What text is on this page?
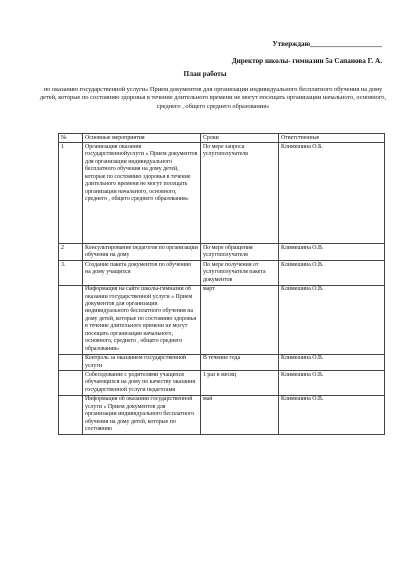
Утверждаю____________________
Директор школы- гимназии 5а Сапанова Г. А.
План работы
по оказанию государственной услуги« Прием документов для организации индивидуального бесплатного обучения на дому детей, которые по состоянию здоровья в течение длительного времени не могут посещать организации начального, основного, среднего , общего среднего образования»
№	Основные мероприятия	Сроки	Ответственные
1	Организация оказания государственнойуслуги « Прием документов для организации индивидуального бесплатного обучения на дому детей, которые по состоянию здоровья в течение длительного времени не могут посещать организации начального, основного, среднего , общего среднего образования»	По мере запроса услугополучателя	Климешина О.Б.
2	Консультирование педагогов по организации обучения на дому	По мере обращения услугополучателя	Климешина О.В.
3.	Создание пакета документов по обучению на дому учащихся	По мере получения от услугополучателя пакета документов	Климешина О.В.
	Информация на сайте школы-гимназии об оказании государственной услуги « Прием документов для организации индивидуального бесплатного обучения на дому детей, которые по состоянию здоровья в течение длительного времени не могут посещать организации начального, основного, среднего , общего среднего образования»	март	Климешина О.В.
	Контроль за оказанием государственной услуги	В течение года	Климешина О.В.
	Собеседование с родителями учащихся обучающихся на дому по качеству оказания государственной услуги педагогами	1 раз в месяц	Климешина О.В.
	Информация об оказании государственной услуги « Прием документов для организации индивидуального бесплатного обучения на дому детей, которые по состоянию	май	Климешина О.В.
